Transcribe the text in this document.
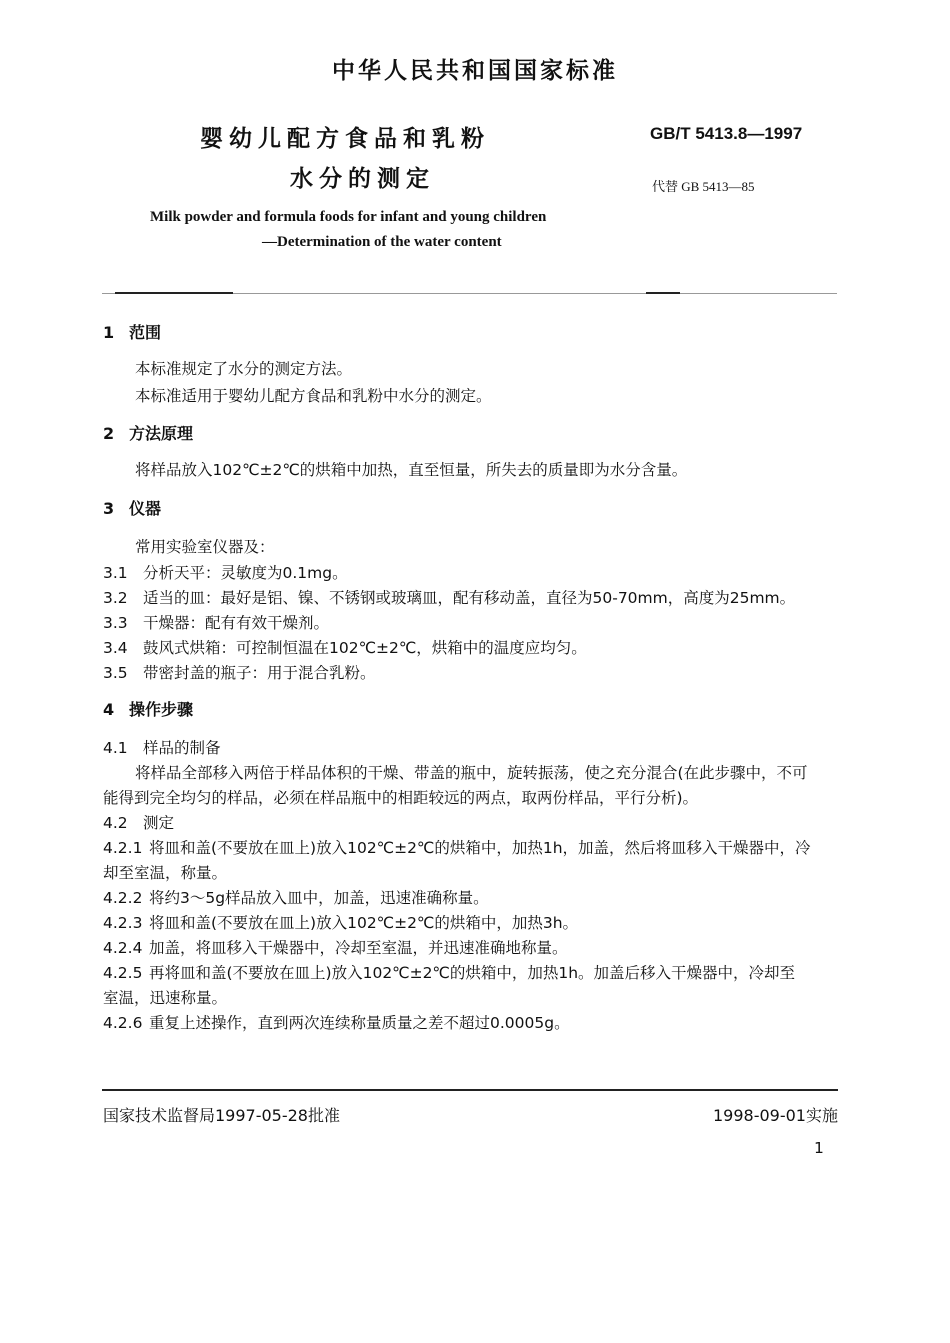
中华人民共和国国家标准
婴幼儿配方食品和乳粉
水分的测定
GB/T 5413.8—1997
代替 GB 5413—85
Milk powder and formula foods for infant and young children
—Determination of the water content
1 范围
本标准规定了水分的测定方法。
本标准适用于婴幼儿配方食品和乳粉中水分的测定。
2 方法原理
将样品放入102℃±2℃的烘箱中加热，直至恒量，所失去的质量即为水分含量。
3 仪器
常用实验室仪器及：
3.1 分析天平：灵敏度为0.1mg。
3.2 适当的皿：最好是铝、镍、不锈钢或玻璃皿，配有移动盖，直径为50-70mm，高度为25mm。
3.3 干燥器：配有有效干燥剂。
3.4 鼓风式烘箱：可控制恒温在102℃±2℃，烘箱中的温度应均匀。
3.5 带密封盖的瓶子：用于混合乳粉。
4 操作步骤
4.1 样品的制备
将样品全部移入两倍于样品体积的干燥、带盖的瓶中，旋转振荡，使之充分混合(在此步骤中，不可
能得到完全均匀的样品，必须在样品瓶中的相距较远的两点，取两份样品，平行分析)。
4.2 测定
4.2.1 将皿和盖(不要放在皿上)放入102℃±2℃的烘箱中，加热1h，加盖，然后将皿移入干燥器中，冷
却至室温，称量。
4.2.2 将约3～5g样品放入皿中，加盖，迅速准确称量。
4.2.3 将皿和盖(不要放在皿上)放入102℃±2℃的烘箱中，加热3h。
4.2.4 加盖，将皿移入干燥器中，冷却至室温，并迅速准确地称量。
4.2.5 再将皿和盖(不要放在皿上)放入102℃±2℃的烘箱中，加热1h。加盖后移入干燥器中，冷却至
室温，迅速称量。
4.2.6 重复上述操作，直到两次连续称量质量之差不超过0.0005g。
国家技术监督局1997-05-28批准	1998-09-01实施
1
